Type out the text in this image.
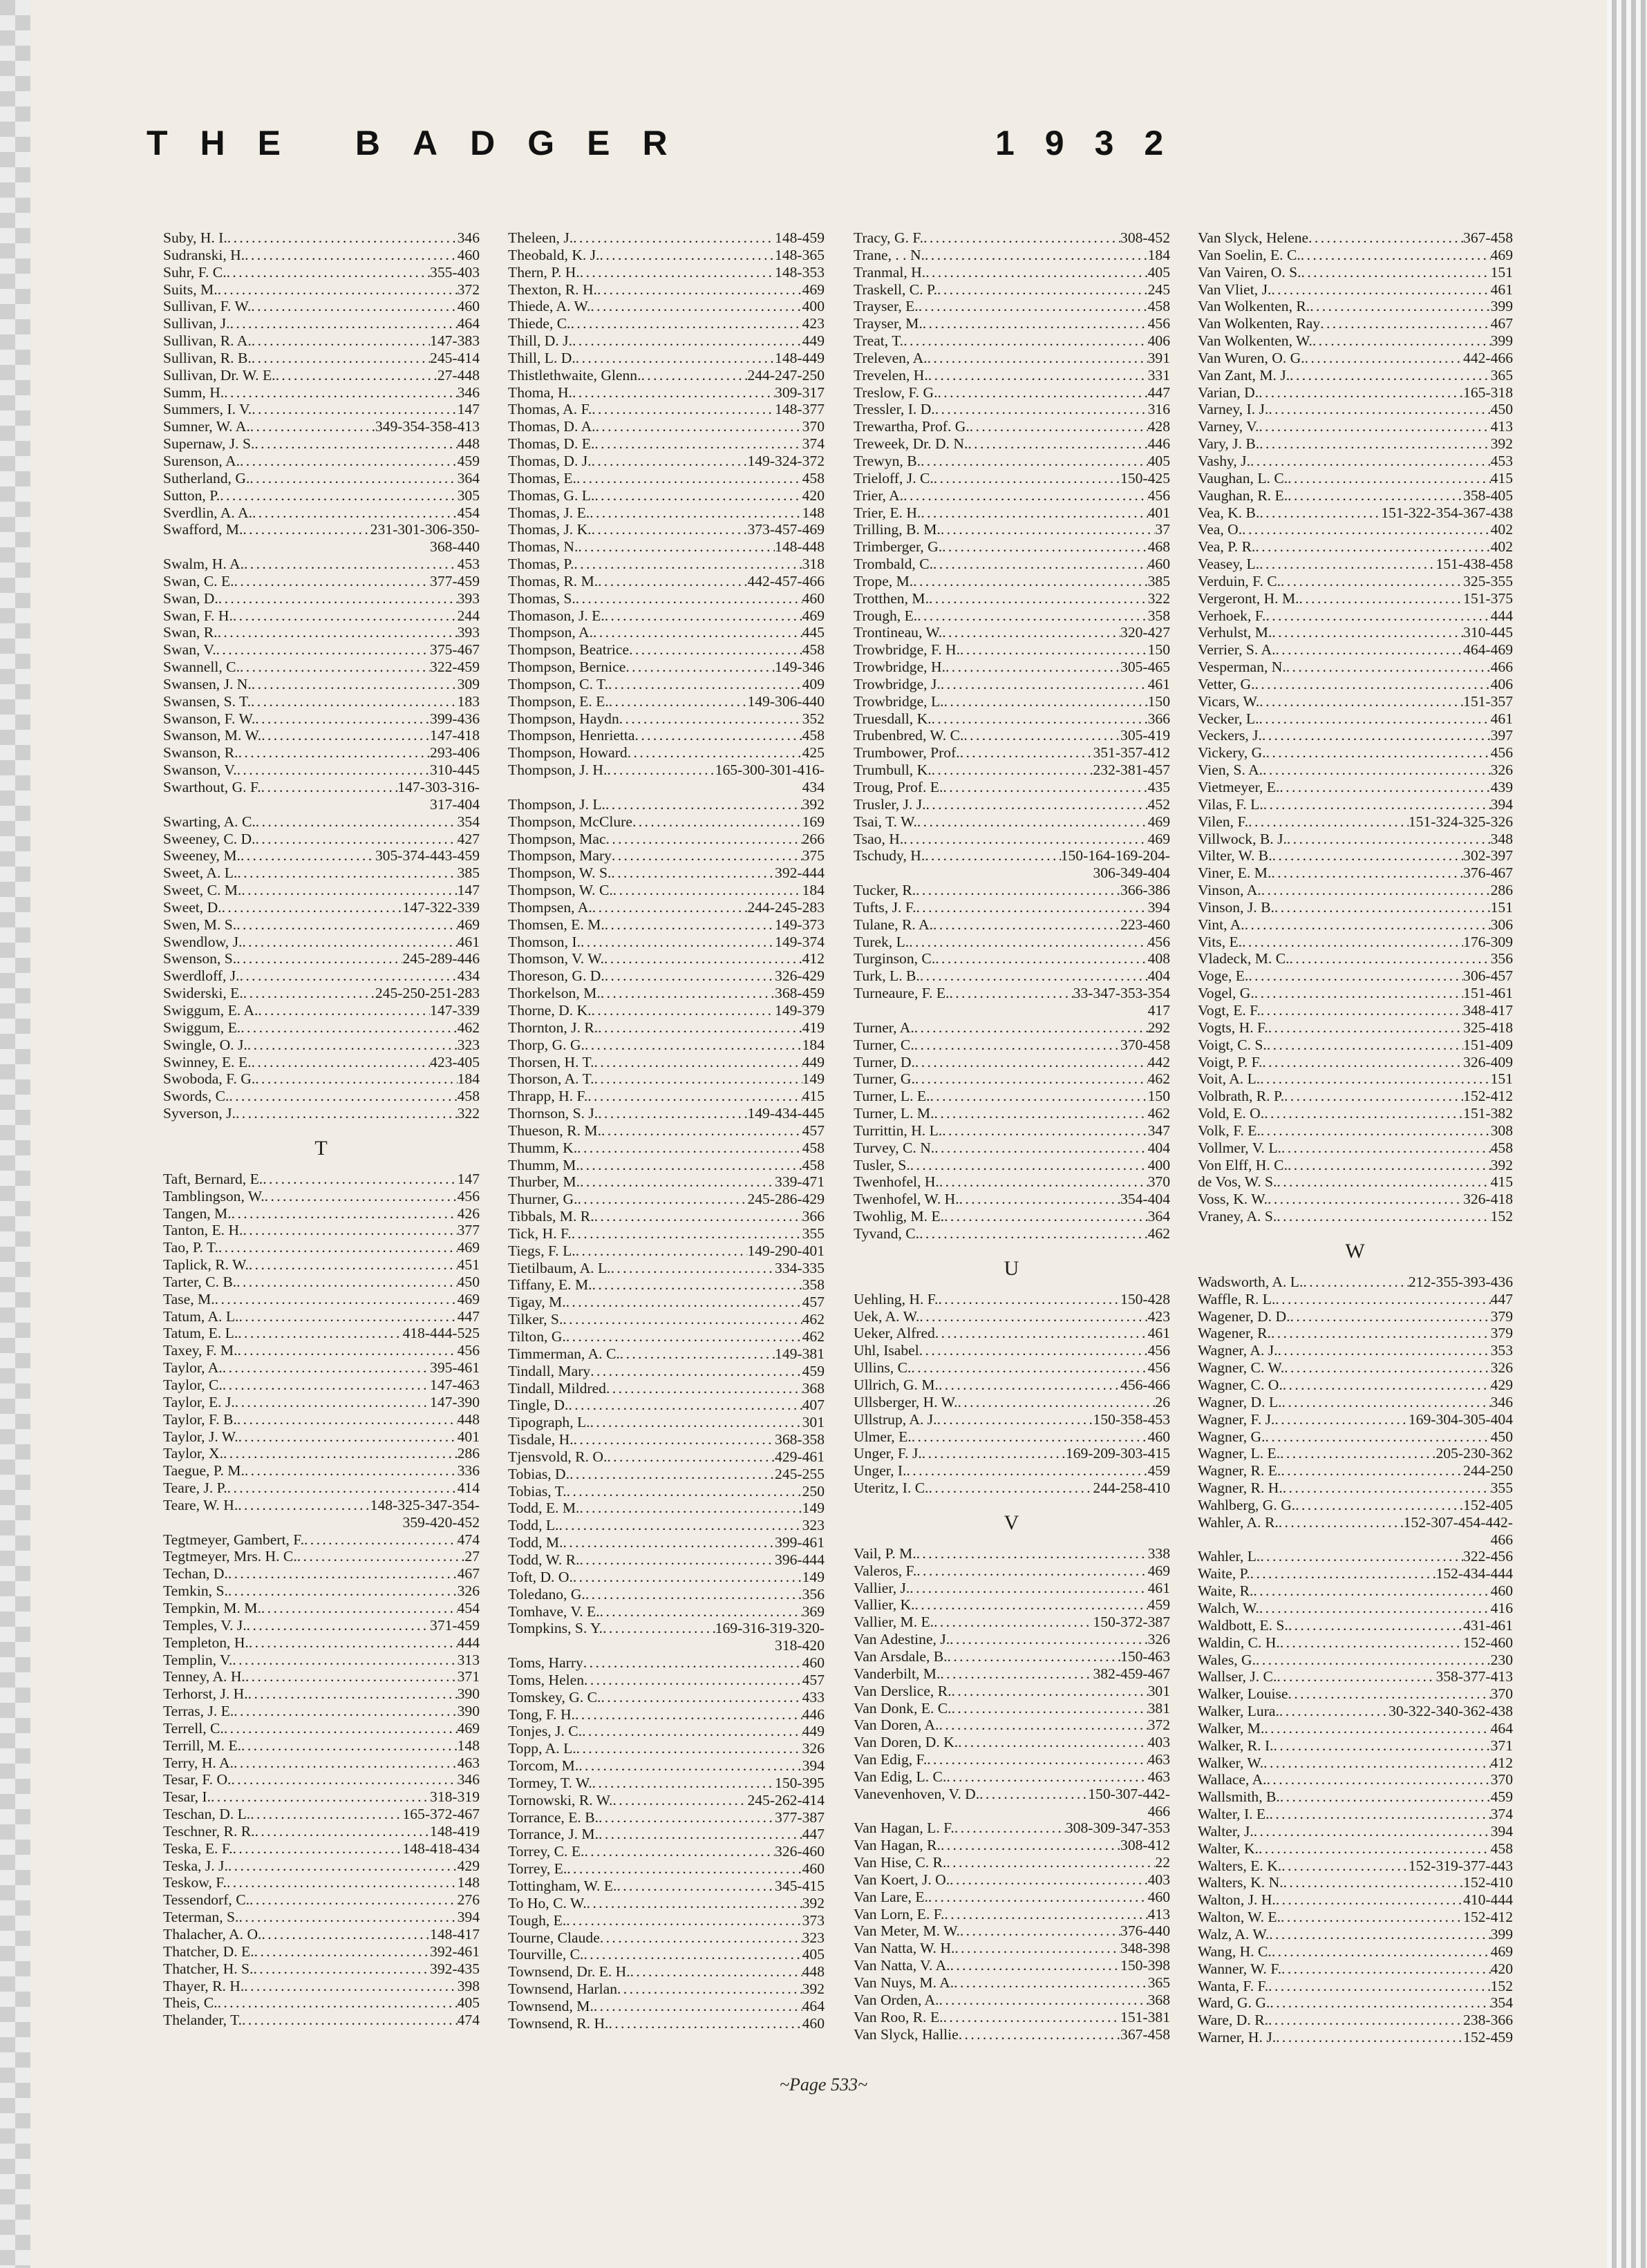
THE BADGER	1932
Suby, H. I. . . .	346
Sudranski, H. . . .	460
Suhr, F. C. . . .	355-403
Suits, M. . . .	372
Sullivan, F. W. . . .	460
Sullivan, J. . . .	464
Sullivan, R. A. . . .	147-383
Sullivan, R. B. . . .	245-414
Sullivan, Dr. W. E. . . .	27-448
Summ, H. . . .	346
Summers, I. V. . . .	147
Sumner, W. A. . . .	349-354-358-413
Supernaw, J. S. . . .	448
Surenson, A. . . .	459
Sutherland, G. . . .	364
Sutton, P. . . .	305
Sverdlin, A. A. . . .	454
Swafford, M. . . .	231-301-306-350-
368-440
Swalm, H. A. . . .	453
Swan, C. E. . . .	377-459
Swan, D. . . .	393
Swan, F. H. . . .	244
Swan, R. . . .	393
Swan, V. . . .	375-467
Swannell, C. . . .	322-459
Swansen, J. N. . . .	309
Swansen, S. T. . . .	183
Swanson, F. W. . . .	399-436
Swanson, M. W. . . .	147-418
Swanson, R. . . .	293-406
Swanson, V. . . .	310-445
Swarthout, G. F. . . .	147-303-316-
317-404
Swarting, A. C. . . .	354
Sweeney, C. D. . . .	427
Sweeney, M. . . .	305-374-443-459
Sweet, A. L. . . .	385
Sweet, C. M. . . .	147
Sweet, D. . . .	147-322-339
Swen, M. S. . . .	469
Swendlow, J. . . .	461
Swenson, S. . . .	245-289-446
Swerdloff, J. . . .	434
Swiderski, E. . . .	245-250-251-283
Swiggum, E. A. . . .	147-339
Swiggum, E. . . .	462
Swingle, O. J. . . .	323
Swinney, E. E. . . .	423-405
Swoboda, F. G. . . .	184
Swords, C. . . .	458
Syverson, J. . . .	322
T
Taft, Bernard, E. . . .	147
Tamblingson, W. . . .	456
Tangen, M. . . .	426
Tanton, E. H. . . .	377
Tao, P. T. . . .	469
Taplick, R. W. . . .	451
Tarter, C. B. . . .	450
Tase, M. . . .	469
Tatum, A. L. . . .	447
Tatum, E. L. . . .	418-444-525
Taxey, F. M. . . .	456
Taylor, A. . . .	395-461
Taylor, C. . . .	147-463
Taylor, E. J. . . .	147-390
Taylor, F. B. . . .	448
Taylor, J. W. . . .	401
Taylor, X. . . .	286
Taegue, P. M. . . .	336
Teare, J. P. . . .	414
Teare, W. H. . . .	148-325-347-354-
359-420-452
Tegtmeyer, Gambert, F. . . .	474
Tegtmeyer, Mrs. H. C. . . .	27
Techan, D. . . .	467
Temkin, S. . . .	326
Tempkin, M. M. . . .	454
Temples, V. J. . . .	371-459
Templeton, H. . . .	444
Templin, V. . . .	313
Tenney, A. H. . . .	371
Terhorst, J. H. . . .	390
Terras, J. E. . . .	390
Terrell, C. . . .	469
Terrill, M. E. . . .	148
Terry, H. A. . . .	463
Tesar, F. O. . . .	346
Tesar, I. . . .	318-319
Teschan, D. L. . . .	165-372-467
Teschner, R. R. . . .	148-419
Teska, E. F. . . .	148-418-434
Teska, J. J. . . .	429
Teskow, F. . . .	148
Tessendorf, C. . . .	276
Teterman, S. . . .	394
Thalacher, A. O. . . .	148-417
Thatcher, D. E. . . .	392-461
Thatcher, H. S. . . .	392-435
Thayer, R. H. . . .	398
Theis, C. . . .	405
Thelander, T. . . .	474
Theleen, J. . . .	148-459
Theobald, K. J. . . .	148-365
Thern, P. H. . . .	148-353
Thexton, R. H. . . .	469
Thiede, A. W. . . .	400
Thiede, C. . . .	423
Thill, D. J. . . .	449
Thill, L. D. . . .	148-449
Thistlethwaite, Glenn. . . .	244-247-250
Thoma, H. . . .	309-317
Thomas, A. F. . . .	148-377
Thomas, D. A. . . .	370
Thomas, D. E. . . .	374
Thomas, D. J. . . .	149-324-372
Thomas, E. . . .	458
Thomas, G. L. . . .	420
Thomas, J. E. . . .	148
Thomas, J. K. . . .	373-457-469
Thomas, N. . . .	148-448
Thomas, P. . . .	318
Thomas, R. M. . . .	442-457-466
Thomas, S. . . .	460
Thomason, J. E. . . .	469
Thompson, A. . . .	445
Thompson, Beatrice . . .	458
Thompson, Bernice . . .	149-346
Thompson, C. T. . . .	409
Thompson, E. E. . . .	149-306-440
Thompson, Haydn . . .	352
Thompson, Henrietta . . .	458
Thompson, Howard . . .	425
Thompson, J. H. . . .	165-300-301-416-
434
Thompson, J. L. . . .	392
Thompson, McClure . . .	169
Thompson, Mac . . .	266
Thompson, Mary . . .	375
Thompson, W. S. . . .	392-444
Thompson, W. C. . . .	184
Thompsen, A. . . .	244-245-283
Thomsen, E. M. . . .	149-373
Thomson, I. . . .	149-374
Thomson, V. W. . . .	412
Thoreson, G. D. . . .	326-429
Thorkelson, M. . . .	368-459
Thorne, D. K. . . .	149-379
Thornton, J. R. . . .	419
Thorp, G. G. . . .	184
Thorsen, H. T. . . .	449
Thorson, A. T. . . .	149
Thrapp, H. F. . . .	415
Thornson, S. J. . . .	149-434-445
Thueson, R. M. . . .	457
Thumm, K. . . .	458
Thumm, M. . . .	458
Thurber, M. . . .	339-471
Thurner, G. . . .	245-286-429
Tibbals, M. R. . . .	366
Tick, H. F. . . .	355
Tiegs, F. L. . . .	149-290-401
Tietilbaum, A. L. . . .	334-335
Tiffany, E. M. . . .	358
Tigay, M. . . .	457
Tilker, S. . . .	462
Tilton, G. . . .	462
Timmerman, A. C. . . .	149-381
Tindall, Mary . . .	459
Tindall, Mildred . . .	368
Tingle, D. . . .	407
Tipograph, L. . . .	301
Tisdale, H. . . .	368-358
Tjensvold, R. O. . . .	429-461
Tobias, D. . . .	245-255
Tobias, T. . . .	250
Todd, E. M. . . .	149
Todd, L. . . .	323
Todd, M. . . .	399-461
Todd, W. R. . . .	396-444
Toft, D. O. . . .	149
Toledano, G. . . .	356
Tomhave, V. E. . . .	369
Tompkins, S. Y. . . .	169-316-319-320-
318-420
Toms, Harry . . .	460
Toms, Helen . . .	457
Tomskey, G. C. . . .	433
Tong, F. H. . . .	446
Tonjes, J. C. . . .	449
Topp, A. L. . . .	326
Torcom, M. . . .	394
Tormey, T. W. . . .	150-395
Tornowski, R. W. . . .	245-262-414
Torrance, E. B. . . .	377-387
Torrance, J. M. . . .	447
Torrey, C. E. . . .	326-460
Torrey, E. . . .	460
Tottingham, W. E. . . .	345-415
To Ho, C. W. . . .	392
Tough, E. . . .	373
Tourne, Claude . . .	323
Tourville, C. . . .	405
Townsend, Dr. E. H. . . .	448
Townsend, Harlan . . .	392
Townsend, M. . . .	464
Townsend, R. H. . . .	460
Tracy, G. F. . . .	308-452
Trane, . . N. . . .	184
Tranmal, H. . . .	405
Traskell, C. P. . . .	245
Trayser, E. . . .	458
Trayser, M. . . .	456
Treat, T. . . .	406
Treleven, A. . . .	391
Trevelen, H. . . .	331
Treslow, F. G. . . .	447
Tressler, I. D. . . .	316
Trewartha, Prof. G. . . .	428
Treweek, Dr. D. N. . . .	446
Trewyn, B. . . .	405
Trieloff, J. C. . . .	150-425
Trier, A. . . .	456
Trier, E. H. . . .	401
Trilling, B. M. . . .	37
Trimberger, G. . . .	468
Trombald, C. . . .	460
Trope, M. . . .	385
Trotthen, M. . . .	322
Trough, E. . . .	358
Trontineau, W. . . .	320-427
Trowbridge, F. H. . . .	150
Trowbridge, H. . . .	305-465
Trowbridge, J. . . .	461
Trowbridge, L. . . .	150
Truesdall, K. . . .	366
Trubenbred, W. C. . . .	305-419
Trumbower, Prof. . . .	351-357-412
Trumbull, K. . . .	232-381-457
Troug, Prof. E. . . .	435
Trusler, J. J. . . .	452
Tsai, T. W. . . .	469
Tsao, H. . . .	469
Tschudy, H. . . .	150-164-169-204-
306-349-404
Tucker, R. . . .	366-386
Tufts, J. F. . . .	394
Tulane, R. A. . . .	223-460
Turek, L. . . .	456
Turginson, C. . . .	408
Turk, L. B. . . .	404
Turneaure, F. E. . . .	33-347-353-354
417
Turner, A. . . .	292
Turner, C. . . .	370-458
Turner, D. . . .	442
Turner, G. . . .	462
Turner, L. E. . . .	150
Turner, L. M. . . .	462
Turrittin, H. L. . . .	347
Turvey, C. N. . . .	404
Tusler, S. . . .	400
Twenhofel, H. . . .	370
Twenhofel, W. H. . . .	354-404
Twohlig, M. E. . . .	364
Tyvand, C. . . .	462
U
Uehling, H. F. . . .	150-428
Uek, A. W. . . .	423
Ueker, Alfred . . .	461
Uhl, Isabel . . .	456
Ullins, C. . . .	456
Ullrich, G. M. . . .	456-466
Ullsberger, H. W. . . .	26
Ullstrup, A. J. . . .	150-358-453
Ulmer, E. . . .	460
Unger, F. J. . . .	169-209-303-415
Unger, I. . . .	459
Uteritz, I. C. . . .	244-258-410
V
Vail, P. M. . . .	338
Valeros, F. . . .	469
Vallier, J. . . .	461
Vallier, K. . . .	459
Vallier, M. E. . . .	150-372-387
Van Adestine, J. . . .	326
Van Arsdale, B. . . .	150-463
Vanderbilt, M. . . .	382-459-467
Van Derslice, R. . . .	301
Van Donk, E. C. . . .	381
Van Doren, A. . . .	372
Van Doren, D. K. . . .	403
Van Edig, F. . . .	463
Van Edig, L. C. . . .	463
Vanevenhoven, V. D. . . .	150-307-442-
466
Van Hagan, L. F. . . .	308-309-347-353
Van Hagan, R. . . .	308-412
Van Hise, C. R. . . .	22
Van Koert, J. O. . . .	403
Van Lare, E. . . .	460
Van Lorn, E. F. . . .	413
Van Meter, M. W. . . .	376-440
Van Natta, W. H. . . .	348-398
Van Natta, V. A. . . .	150-398
Van Nuys, M. A. . . .	365
Van Orden, A. . . .	368
Van Roo, R. E. . . .	151-381
Van Slyck, Hallie . . .	367-458
Van Slyck, Helene . . .	367-458
Van Soelin, E. C. . . .	469
Van Vairen, O. S. . . .	151
Van Vliet, J. . . .	461
Van Wolkenten, R. . . .	399
Van Wolkenten, Ray . . .	467
Van Wolkenten, W. . . .	399
Van Wuren, O. G. . . .	442-466
Van Zant, M. J. . . .	365
Varian, D. . . .	165-318
Varney, I. J. . . .	450
Varney, V. . . .	413
Vary, J. B. . . .	392
Vashy, J. . . .	453
Vaughan, L. C. . . .	415
Vaughan, R. E. . . .	358-405
Vea, K. B. . . .	151-322-354-367-438
Vea, O. . . .	402
Vea, P. R. . . .	402
Veasey, L. . . .	151-438-458
Verduin, F. C. . . .	325-355
Vergeront, H. M. . . .	151-375
Verhoek, F. . . .	444
Verhulst, M. . . .	310-445
Verrier, S. A. . . .	464-469
Vesperman, N. . . .	466
Vetter, G. . . .	406
Vicars, W. . . .	151-357
Vecker, L. . . .	461
Veckers, J. . . .	397
Vickery, G. . . .	456
Vien, S. A. . . .	326
Vietmeyer, E. . . .	439
Vilas, F. L. . . .	394
Vilen, F. . . .	151-324-325-326
Villwock, B. J. . . .	348
Vilter, W. B. . . .	302-397
Viner, E. M. . . .	376-467
Vinson, A. . . .	286
Vinson, J. B. . . .	151
Vint, A. . . .	306
Vits, E. . . .	176-309
Vladeck, M. C. . . .	356
Voge, E. . . .	306-457
Vogel, G. . . .	151-461
Vogt, E. F. . . .	348-417
Vogts, H. F. . . .	325-418
Voigt, C. S. . . .	151-409
Voigt, P. F. . . .	326-409
Voit, A. L. . . .	151
Volbrath, R. P. . . .	152-412
Vold, E. O. . . .	151-382
Volk, F. E. . . .	308
Vollmer, V. L. . . .	458
Von Elff, H. C. . . .	392
de Vos, W. S. . . .	415
Voss, K. W. . . .	326-418
Vraney, A. S. . . .	152
W
Wadsworth, A. L. . . .	212-355-393-436
Waffle, R. L. . . .	447
Wagener, D. D. . . .	379
Wagener, R. . . .	379
Wagner, A. J. . . .	353
Wagner, C. W. . . .	326
Wagner, C. O. . . .	429
Wagner, D. L. . . .	346
Wagner, F. J. . . .	169-304-305-404
Wagner, G. . . .	450
Wagner, L. E. . . .	205-230-362
Wagner, R. E. . . .	244-250
Wagner, R. H. . . .	355
Wahlberg, G. G. . . .	152-405
Wahler, A. R. . . .	152-307-454-442-
466
Wahler, L. . . .	322-456
Waite, P. . . .	152-434-444
Waite, R. . . .	460
Walch, W. . . .	416
Waldbott, E. S. . . .	431-461
Waldin, C. H. . . .	152-460
Wales, G. . . .	230
Wallser, J. C. . . .	358-377-413
Walker, Louise . . .	370
Walker, Lura. . . .	30-322-340-362-438
Walker, M. . . .	464
Walker, R. I. . . .	371
Walker, W. . . .	412
Wallace, A. . . .	370
Wallsmith, B. . . .	459
Walter, I. E. . . .	374
Walter, J. . . .	394
Walter, K. . . .	458
Walters, E. K. . . .	152-319-377-443
Walters, K. N. . . .	152-410
Walton, J. H. . . .	410-444
Walton, W. E. . . .	152-412
Walz, A. W. . . .	399
Wang, H. C. . . .	469
Wanner, W. F. . . .	420
Wanta, F. F. . . .	152
Ward, G. G. . . .	354
Ware, D. R. . . .	238-366
Warner, H. J. . . .	152-459
~Page 533~
